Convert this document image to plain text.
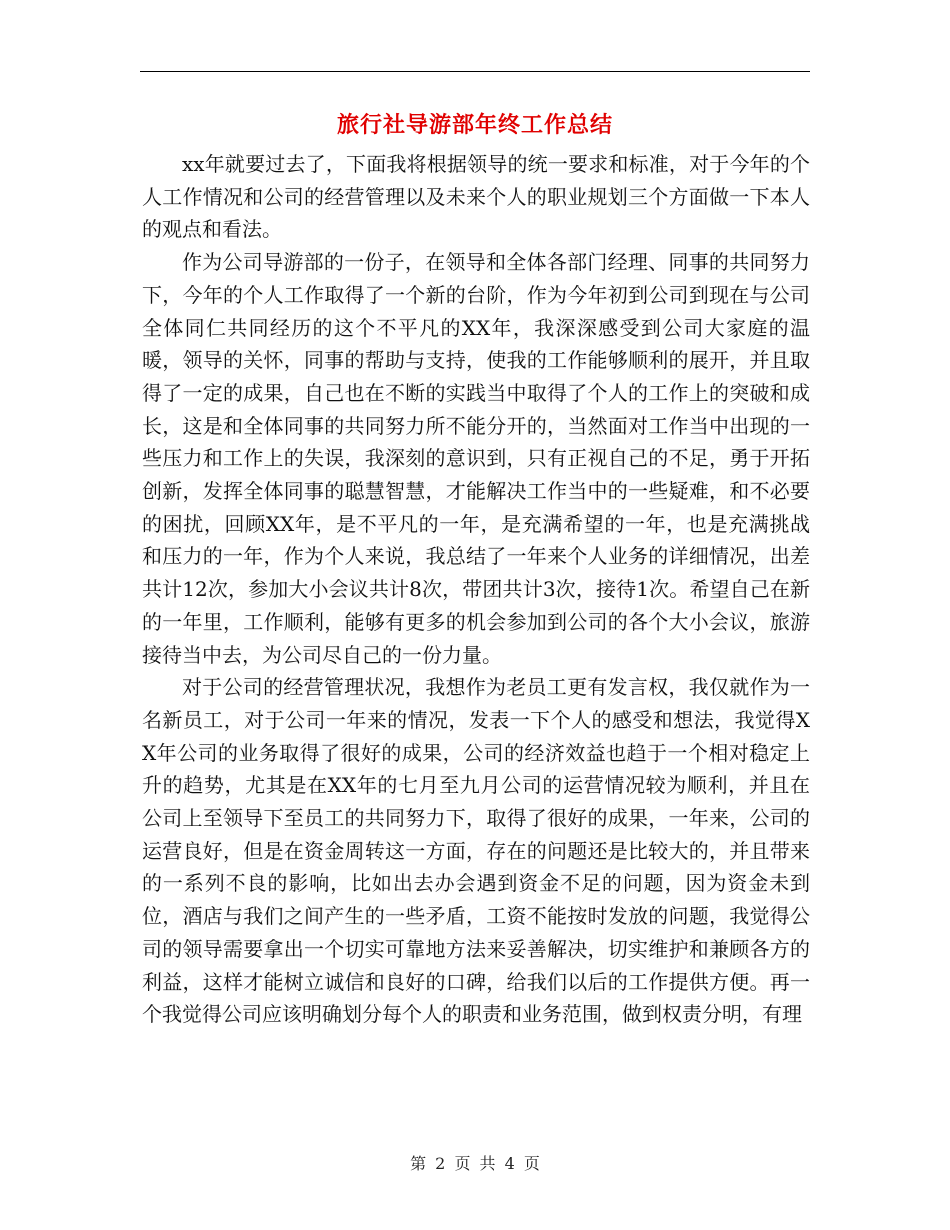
旅行社导游部年终工作总结

xx年就要过去了，下面我将根据领导的统一要求和标准，对于今年的个人工作情况和公司的经营管理以及未来个人的职业规划三个方面做一下本人的观点和看法。

作为公司导游部的一份子，在领导和全体各部门经理、同事的共同努力下，今年的个人工作取得了一个新的台阶，作为今年初到公司到现在与公司全体同仁共同经历的这个不平凡的XX年，我深深感受到公司大家庭的温暖，领导的关怀，同事的帮助与支持，使我的工作能够顺利的展开，并且取得了一定的成果，自己也在不断的实践当中取得了个人的工作上的突破和成长，这是和全体同事的共同努力所不能分开的，当然面对工作当中出现的一些压力和工作上的失误，我深刻的意识到，只有正视自己的不足，勇于开拓创新，发挥全体同事的聪慧智慧，才能解决工作当中的一些疑难，和不必要的困扰，回顾XX年，是不平凡的一年，是充满希望的一年，也是充满挑战和压力的一年，作为个人来说，我总结了一年来个人业务的详细情况，出差共计12次，参加大小会议共计8次，带团共计3次，接待1次。希望自己在新的一年里，工作顺利，能够有更多的机会参加到公司的各个大小会议，旅游接待当中去，为公司尽自己的一份力量。

对于公司的经营管理状况，我想作为老员工更有发言权，我仅就作为一名新员工，对于公司一年来的情况，发表一下个人的感受和想法，我觉得XX年公司的业务取得了很好的成果，公司的经济效益也趋于一个相对稳定上升的趋势，尤其是在XX年的七月至九月公司的运营情况较为顺利，并且在公司上至领导下至员工的共同努力下，取得了很好的成果，一年来，公司的运营良好，但是在资金周转这一方面，存在的问题还是比较大的，并且带来的一系列不良的影响，比如出去办会遇到资金不足的问题，因为资金未到位，酒店与我们之间产生的一些矛盾，工资不能按时发放的问题，我觉得公司的领导需要拿出一个切实可靠地方法来妥善解决，切实维护和兼顾各方的利益，这样才能树立诚信和良好的口碑，给我们以后的工作提供方便。再一个我觉得公司应该明确划分每个人的职责和业务范围，做到权责分明，有理

第 2 页 共 4 页
